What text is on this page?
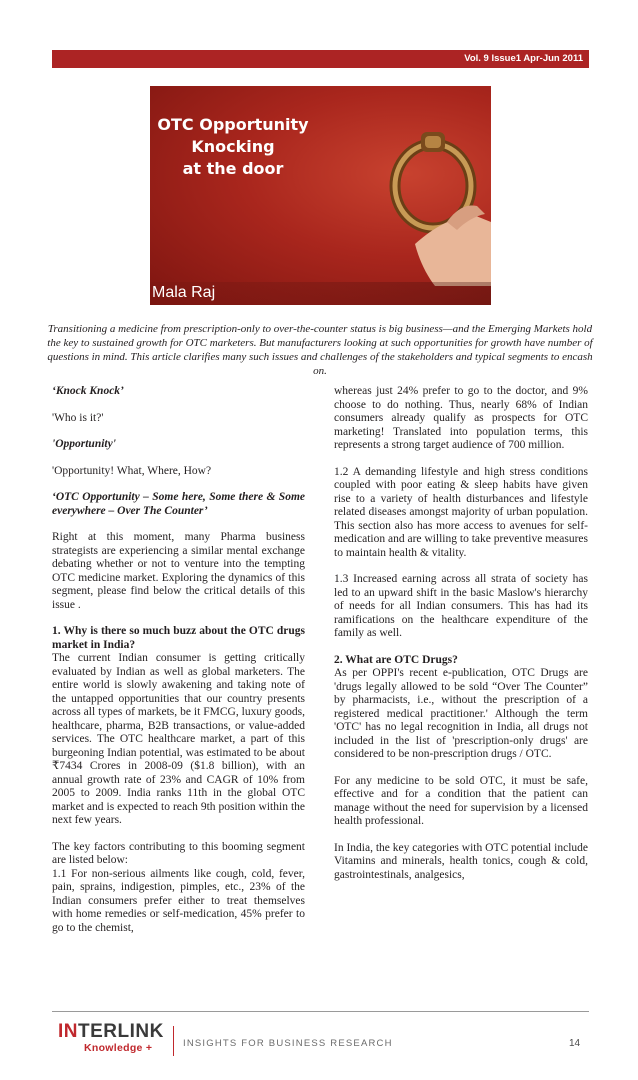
Vol. 9 Issue1 Apr-Jun 2011
OTC Opportunity
Knocking
at the door
Mala Raj
Transitioning a medicine from prescription-only to over-the-counter status is big business—and the Emerging Markets hold the key to sustained growth for OTC marketers. But manufacturers looking at such opportunities for growth have number of questions in mind. This article clarifies many such issues and challenges of the stakeholders and typical segments to encash on.

‘Knock Knock’

'Who is it?'

'Opportunity'

'Opportunity! What, Where, How?

‘OTC Opportunity – Some here, Some there & Some everywhere – Over The Counter’

Right at this moment, many Pharma business strategists are experiencing a similar mental exchange debating whether or not to venture into the tempting OTC medicine market. Exploring the dynamics of this segment, please find below the critical details of this issue .

1. Why is there so much buzz about the OTC drugs market in India?

The current Indian consumer is getting critically evaluated by Indian as well as global marketers. The entire world is slowly awakening and taking note of the untapped opportunities that our country presents across all types of markets, be it FMCG, luxury goods, healthcare, pharma, B2B transactions, or value-added services. The OTC healthcare market, a part of this burgeoning Indian potential, was estimated to be about ₹7434 Crores in 2008-09 ($1.8 billion), with an annual growth rate of 23% and CAGR of 10% from 2005 to 2009. India ranks 11th in the global OTC market and is expected to reach 9th position within the next few years.

The key factors contributing to this booming segment are listed below:

1.1 For non-serious ailments like cough, cold, fever, pain, sprains, indigestion, pimples, etc., 23% of the Indian consumers prefer either to treat themselves with home remedies or self-medication, 45% prefer to go to the chemist,

whereas just 24% prefer to go to the doctor, and 9% choose to do nothing. Thus, nearly 68% of Indian consumers already qualify as prospects for OTC marketing! Translated into population terms, this represents a strong target audience of 700 million.

1.2 A demanding lifestyle and high stress conditions coupled with poor eating & sleep habits have given rise to a variety of health disturbances and lifestyle related diseases amongst majority of urban population. This section also has more access to avenues for self-medication and are willing to take preventive measures to maintain health & vitality.

1.3 Increased earning across all strata of society has led to an upward shift in the basic Maslow's hierarchy of needs for all Indian consumers. This has had its ramifications on the healthcare expenditure of the family as well.

2. What are OTC Drugs?

As per OPPI's recent e-publication, OTC Drugs are 'drugs legally allowed to be sold “Over The Counter” by pharmacists, i.e., without the prescription of a registered medical practitioner.' Although the term 'OTC' has no legal recognition in India, all drugs not included in the list of 'prescription-only drugs' are considered to be non-prescription drugs / OTC.

For any medicine to be sold OTC, it must be safe, effective and for a condition that the patient can manage without the need for supervision by a licensed health professional.

In India, the key categories with OTC potential include Vitamins and minerals, health tonics, cough & cold, gastrointestinals, analgesics,

INTERLINK
Knowledge +	INSIGHTS FOR BUSINESS RESEARCH	14
